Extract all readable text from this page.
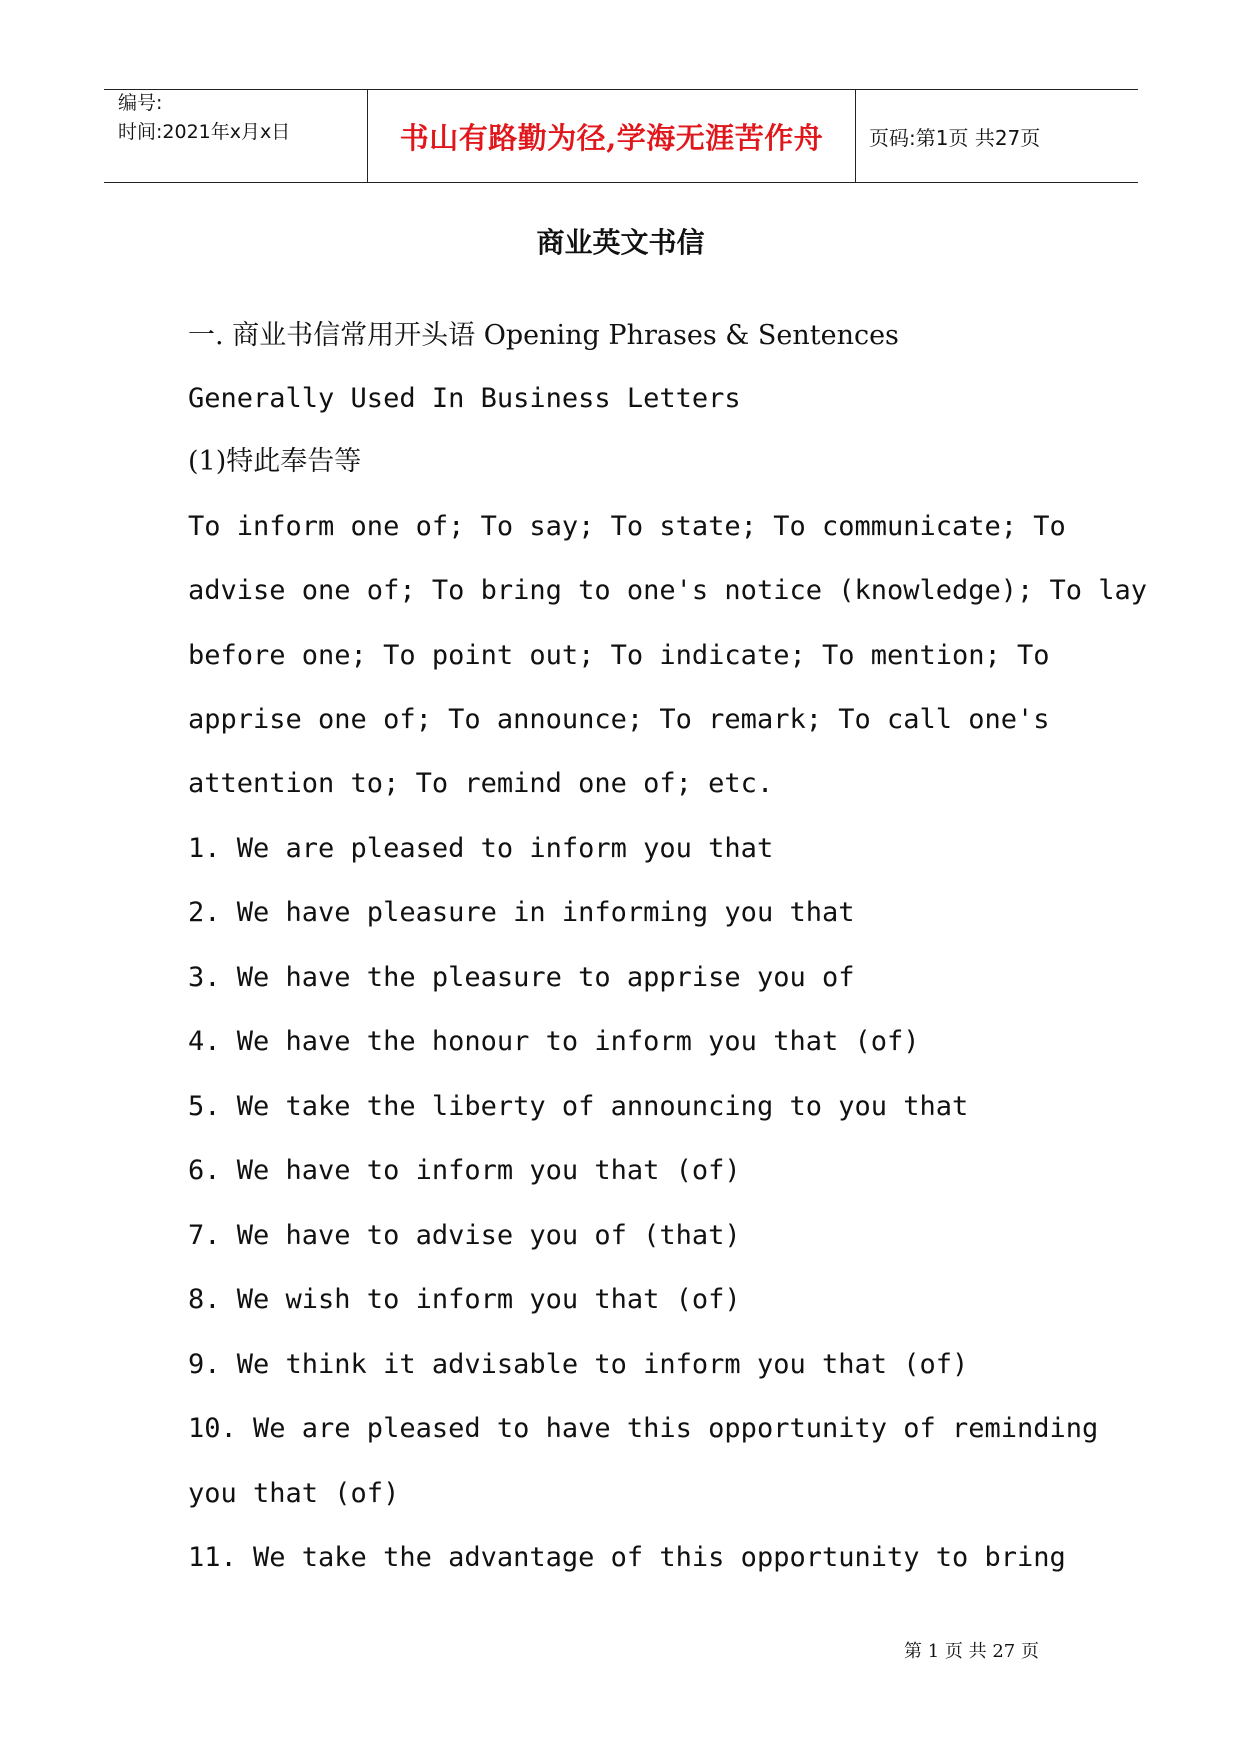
编号:
时间:2021年x月x日	书山有路勤为径,学海无涯苦作舟 页码:第1页 共27页
商业英文书信
一. 商业书信常用开头语 Opening Phrases & Sentences
Generally Used In Business Letters
(1)特此奉告等
To inform one of; To say; To state; To communicate; To
advise one of; To bring to one's notice (knowledge); To lay
before one; To point out; To indicate; To mention; To
apprise one of; To announce; To remark; To call one's
attention to; To remind one of; etc.
1. We are pleased to inform you that
2. We have pleasure in informing you that
3. We have the pleasure to apprise you of
4. We have the honour to inform you that (of)
5. We take the liberty of announcing to you that
6. We have to inform you that (of)
7. We have to advise you of (that)
8. We wish to inform you that (of)
9. We think it advisable to inform you that (of)
10. We are pleased to have this opportunity of reminding
you that (of)
11. We take the advantage of this opportunity to bring
第 1 页 共 27 页
